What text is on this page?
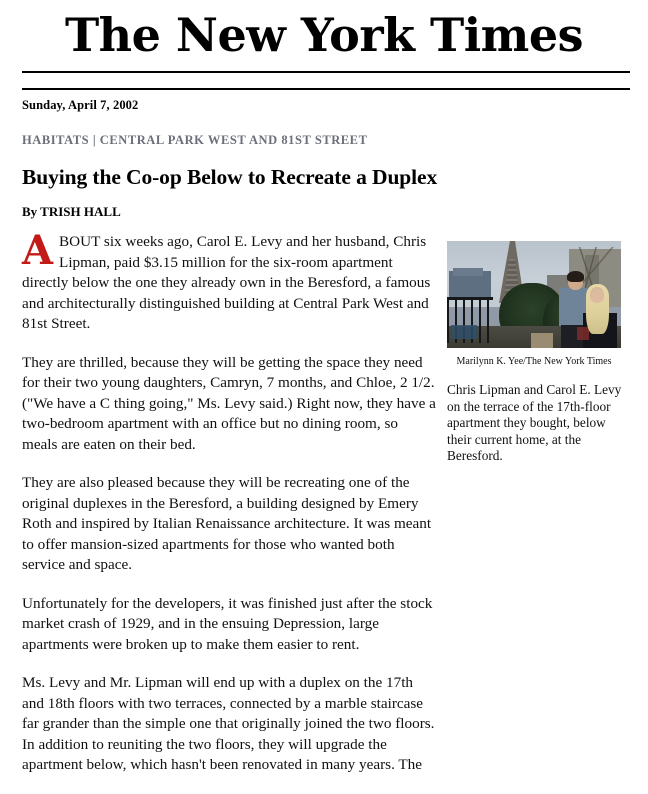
The New York Times
Sunday, April 7, 2002
HABITATS | CENTRAL PARK WEST AND 81ST STREET
Buying the Co-op Below to Recreate a Duplex
By TRISH HALL

ABOUT six weeks ago, Carol E. Levy and her husband, Chris Lipman, paid $3.15 million for the six-room apartment directly below the one they already own in the Beresford, a famous and architecturally distinguished building at Central Park West and 81st Street.

They are thrilled, because they will be getting the space they need for their two young daughters, Camryn, 7 months, and Chloe, 2 1/2. ("We have a C thing going," Ms. Levy said.) Right now, they have a two-bedroom apartment with an office but no dining room, so meals are eaten on their bed.

They are also pleased because they will be recreating one of the original duplexes in the Beresford, a building designed by Emery Roth and inspired by Italian Renaissance architecture. It was meant to offer mansion-sized apartments for those who wanted both service and space.

Unfortunately for the developers, it was finished just after the stock market crash of 1929, and in the ensuing Depression, large apartments were broken up to make them easier to rent.

Ms. Levy and Mr. Lipman will end up with a duplex on the 17th and 18th floors with two terraces, connected by a marble staircase far grander than the simple one that originally joined the two floors. In addition to reuniting the two floors, they will upgrade the apartment below, which hasn't been renovated in many years. The

Marilynn K. Yee/The New York Times
Chris Lipman and Carol E. Levy on the terrace of the 17th-floor apartment they bought, below their current home, at the Beresford.
